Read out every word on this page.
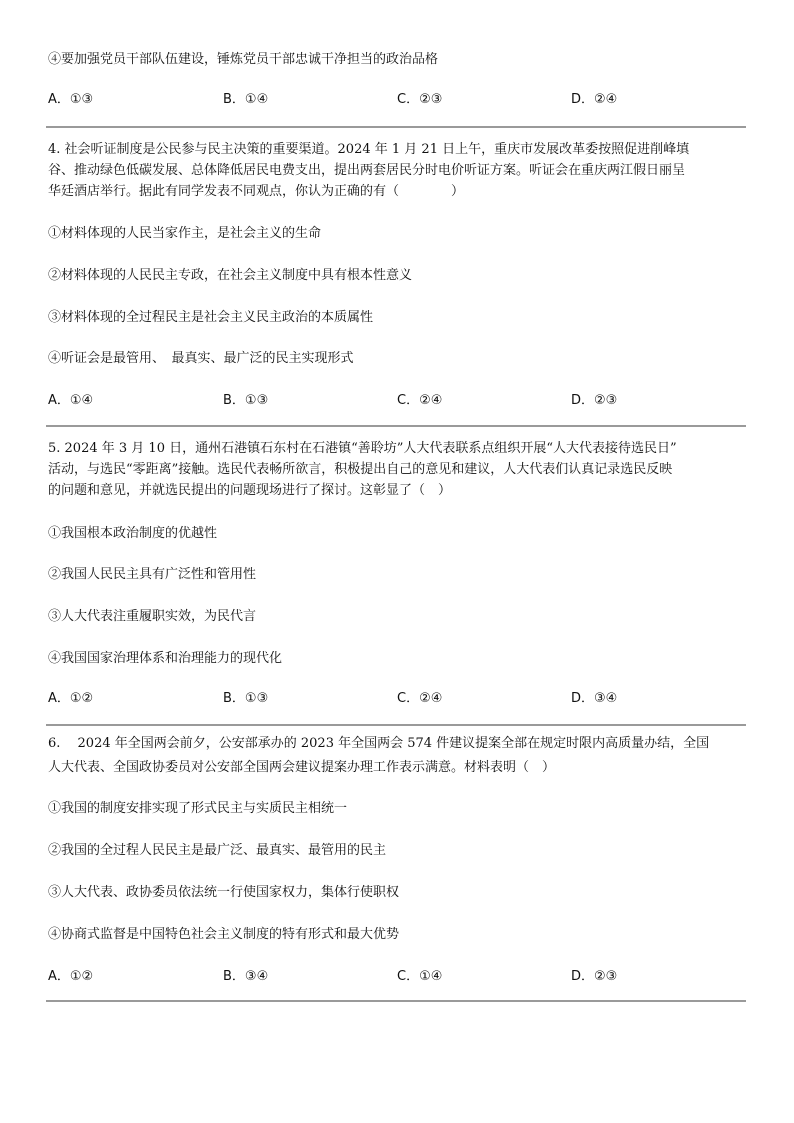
④要加强党员干部队伍建设，锤炼党员干部忠诚干净担当的政治品格
A．①③	B．①④	C．②③	D．②④
4. 社会听证制度是公民参与民主决策的重要渠道。2024 年 1 月 21 日上午，重庆市发展改革委按照促进削峰填
谷、推动绿色低碳发展、总体降低居民电费支出，提出两套居民分时电价听证方案。听证会在重庆两江假日丽呈
华廷酒店举行。据此有同学发表不同观点，你认为正确的有（　　　　）
①材料体现的人民当家作主，是社会主义的生命
②材料体现的人民民主专政，在社会主义制度中具有根本性意义
③材料体现的全过程民主是社会主义民主政治的本质属性
④听证会是最管用、　最真实、最广泛的民主实现形式
A．①④	B．①③	C．②④	D．②③
5. 2024 年 3 月 10 日，通州石港镇石东村在石港镇“善聆坊”人大代表联系点组织开展“人大代表接待选民日”
活动，与选民“零距离”接触。选民代表畅所欲言，积极提出自己的意见和建议，人大代表们认真记录选民反映
的问题和意见，并就选民提出的问题现场进行了探讨。这彰显了（　）
①我国根本政治制度的优越性
②我国人民民主具有广泛性和管用性
③人大代表注重履职实效，为民代言
④我国国家治理体系和治理能力的现代化
A．①②	B．①③	C．②④	D．③④
6.　 2024 年全国两会前夕，公安部承办的 2023 年全国两会 574 件建议提案全部在规定时限内高质量办结，全国
人大代表、全国政协委员对公安部全国两会建议提案办理工作表示满意。材料表明（　）
①我国的制度安排实现了形式民主与实质民主相统一
②我国的全过程人民民主是最广泛、最真实、最管用的民主
③人大代表、政协委员依法统一行使国家权力，集体行使职权
④协商式监督是中国特色社会主义制度的特有形式和最大优势
A．①②	B．③④	C．①④	D．②③
